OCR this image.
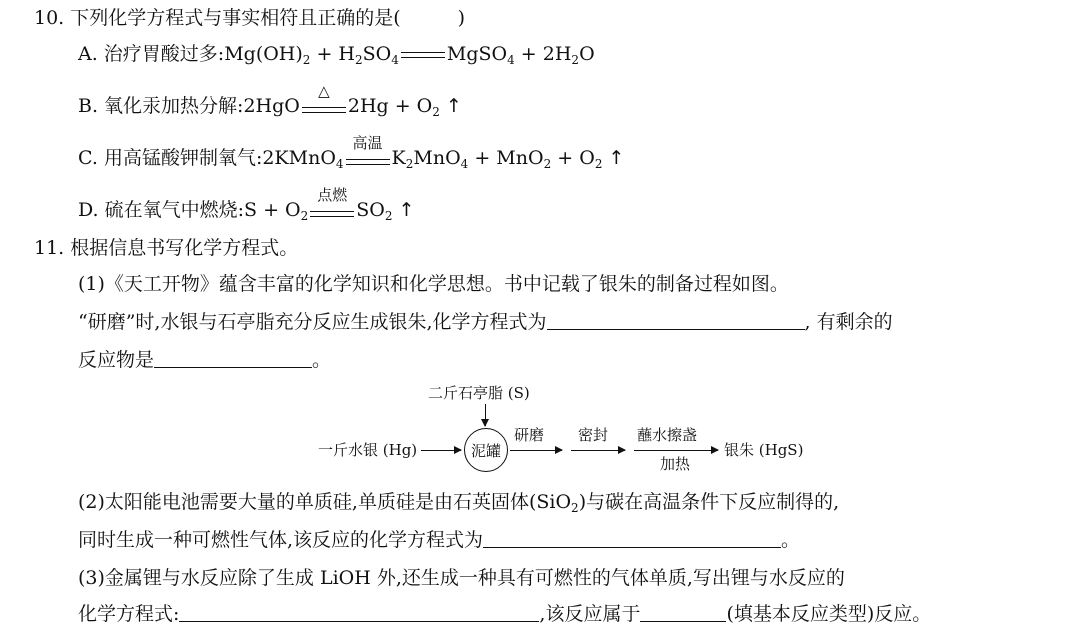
10. 下列化学方程式与事实相符且正确的是(　　　)
A. 治疗胃酸过多$:Mg(OH)_2 + H_2SO_4$	MgSO$_4$ + $2H_2O$
B. 氧化汞加热分解:2HgO
△
$2Hg + O_2$ ↑
C. 用高锰酸钾制氧气:2KMnO$_4$
高温
$K_2MnO_4 + MnO_2 + O_2$ ↑
D. 硫在氧气中燃烧:S + $O_2$
点燃
$SO_2$ ↑
11. 根据信息书写化学方程式。
(1)《天工开物》蕴含丰富的化学知识和化学思想。书中记载了银朱的制备过程如图。
“研磨”时,水银与石亭脂充分反应生成银朱,化学方程式为	, 有剩余的
反应物是	。
二斤石亭脂 (S)
一斤水银 (Hg)	泥罐
研磨 密封 蘸水擦盏
加热
银朱 (HgS)
(2)太阳能电池需要大量的单质硅,单质硅是由石英固体(SiO$_2$)与碳在高温条件下反应制得的,
同时生成一种可燃性气体,该反应的化学方程式为	。
(3)金属锂与水反应除了生成 LiOH 外,还生成一种具有可燃性的气体单质,写出锂与水反应的
化学方程式:	,该反应属于	(填基本反应类型)反应。
